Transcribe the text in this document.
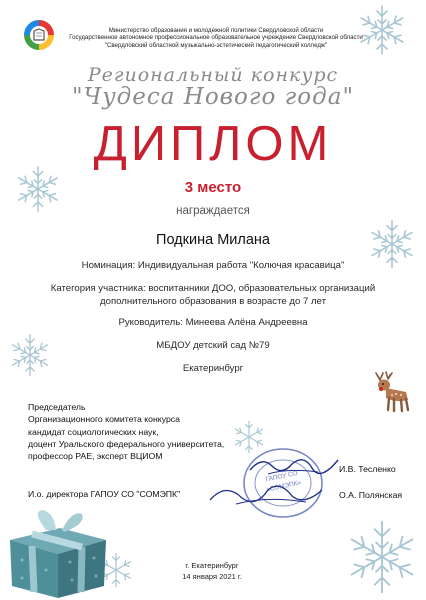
Министерство образования и молодежной политики Свердловской области
Государственное автономное профессиональное образовательное учреждение Свердловской области
"Свердловский областной музыкально-эстетический педагогический колледж"
Региональный конкурс
"Чудеса Нового года"
ДИПЛОМ
3 место
награждается
Подкина Милана
Номинация: Индивидуальная работа "Колючая красавица"
Категория участника: воспитанники ДОО, образовательных организаций
дополнительного образования в возрасте до 7 лет
Руководитель: Минеева Алёна Андреевна
МБДОУ детский сад №79
Екатеринбург
Председатель
Организационного комитета конкурса
кандидат социологических наук,
доцент Уральского федерального университета,
профессор РАЕ, эксперт ВЦИОМ
И.В. Тесленко
И.о. директора ГАПОУ СО "СОМЭПК"	О.А. Полянская
ГАПОУ СО
«СОМЭПК»
г. Екатеринбург
14 января 2021 г.
